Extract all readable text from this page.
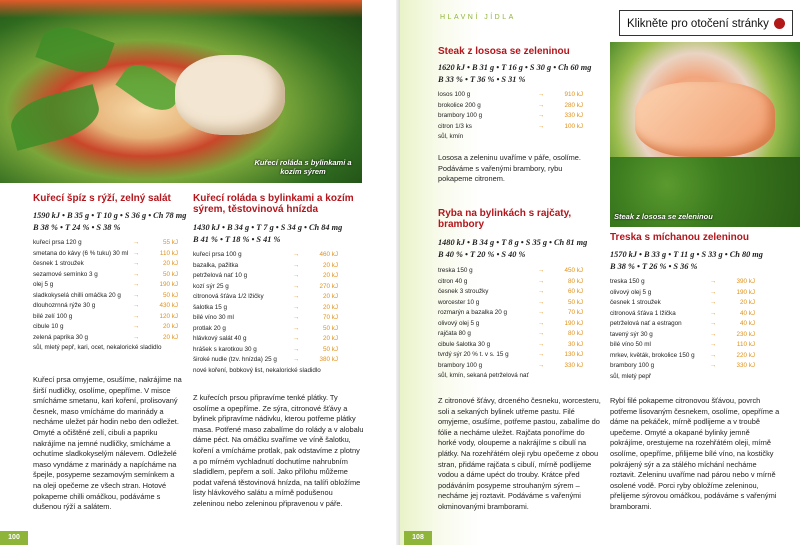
Kuřecí roláda s bylinkami a kozím sýrem
Kuřecí špíz s rýží, zelný salát
1590 kJ • B 35 g • T 10 g • S 36 g • Ch 78 mg
B 38 % • T 24 % • S 38 %
kuřecí prsa 120 g	→	55 kJ
smetana do kávy (6 % tuku) 30 ml →	110 kJ
česnek 1 stroužek	→	20 kJ
sezamové semínko 3 g	→	50 kJ
olej 5 g	→	190 kJ
sladkokyselá chilli omáčka 20 g →	50 kJ
dlouhozrnná rýže 30 g	→	430 kJ
bílé zelí 100 g	→	120 kJ
cibule 10 g	→	20 kJ
zelená paprika 30 g	→	20 kJ
sůl, mletý pepř, kari, ocet, nekalorické sladidlo
Kuřecí prsa omyjeme, osušíme, nakrájíme na širší nudličky, osolíme, opepříme. V misce smícháme smetanu, kari koření, prolisovaný česnek, maso vmícháme do marinády a necháme uležet pár hodin nebo den odležet. Omyté a očištěné zelí, cibuli a papriku nakrájíme na jemné nudličky, smícháme a ochutíme sladkokyselým nálevem. Odleželé maso vyndáme z marinády a napícháme na špejle, posypeme sezamovým semínkem a na oleji opečeme ze všech stran. Hotové pokapeme chilli omáčkou, podáváme s dušenou rýží a salátem.
Kuřecí roláda s bylinkami a kozím sýrem, těstovinová hnízda
1430 kJ • B 34 g • T 7 g • S 34 g • Ch 84 mg
B 41 % • T 18 % • S 41 %
kuřecí prsa 100 g	→	460 kJ
bazalka, pažitka	→	20 kJ
petrželová nať 10 g	→	20 kJ
kozí sýr 25 g	→	270 kJ
citronová šťáva 1/2 lžičky	→	20 kJ
šalotka 15 g	→	20 kJ
bílé víno 30 ml	→	70 kJ
protlak 20 g	→	50 kJ
hlávkový salát 40 g	→	20 kJ
hrášek s karotkou 30 g	→	50 kJ
široké nudle (tzv. hnízda) 25 g	→	380 kJ
nové koření, bobkový list, nekalorické sladidlo
Z kuřecích prsou připravíme tenké plátky. Ty osolíme a opepříme. Ze sýra, citronové šťávy a bylinek připravíme nádivku, kterou potřeme plátky masa. Potřené maso zabalíme do rolády a v alobalu dáme péct. Na omáčku svaříme ve víně šalotku, koření a vmícháme protlak, pak odstavíme z plotny a po mírném vychladnutí dochutíme nahrubním sladidlem, pepřem a solí. Jako přílohu můžeme podat vařená těstovinová hnízda, na talíři obložíme listy hlávkového salátu a mírně podušenou zeleninou nebo zeleninou připravenou v páře.
100
Steak z lososa se zeleninou
Steak z lososa se zeleninou
1620 kJ • B 31 g • T 16 g • S 30 g • Ch 60 mg
B 33 % • T 36 % • S 31 %
losos 100 g	→	910 kJ
brokolice 200 g	→	280 kJ
brambory 100 g	→	330 kJ
citron 1/3 ks	→	100 kJ
sůl, kmín
Lososa a zeleninu uvaříme v páře, osolíme. Podáváme s vařenými brambory, rybu pokapeme citronem.
Ryba na bylinkách s rajčaty, brambory
1480 kJ • B 34 g • T 8 g • S 35 g • Ch 81 mg
B 40 % • T 20 % • S 40 %
treska 150 g	→	450 kJ
citron 40 g	→	80 kJ
česnek 3 stroužky	→	60 kJ
worcester 10 g	→	50 kJ
rozmarýn a bazalka 20 g	→	70 kJ
olivový olej 5 g	→	190 kJ
rajčata 80 g	→	80 kJ
cibule šalotka 30 g	→	30 kJ
tvrdý sýr 20 % t. v s. 15 g	→	130 kJ
brambory 100 g	→	330 kJ
sůl, kmín, sekaná petrželová nať
Z citronové šťávy, drceného česneku, worcesteru, soli a sekaných bylinek utřeme pastu. Filé omyjeme, osušíme, potřeme pastou, zabalíme do fólie a necháme uležet. Rajčata ponoříme do horké vody, oloupeme a nakrájíme s cibulí na plátky. Na rozehřátém oleji rybu opečeme z obou stran, přidáme rajčata s cibulí, mírně podlijeme vodou a dáme upéct do trouby. Krátce před podáváním posypeme strouhaným sýrem – necháme jej roztavit. Podáváme s vařenými okminovanými bramborami.
Treska s míchanou zeleninou
1570 kJ • B 33 g • T 11 g • S 33 g • Ch 80 mg
B 38 % • T 26 % • S 36 %
treska 150 g	→	390 kJ
olivový olej 5 g	→	190 kJ
česnek 1 stroužek	→	20 kJ
citronová šťáva 1 lžička	→	40 kJ
petrželová nať a estragon	→	40 kJ
tavený sýr 30 g	→	230 kJ
bílé víno 50 ml	→	110 kJ
mrkev, květák, brokolice 150 g →	220 kJ
brambory 100 g	→	330 kJ
sůl, mletý pepř
Rybí filé pokapeme citronovou šťávou, povrch potřeme lisovaným česnekem, osolíme, opepříme a dáme na pekáček, mírně podlijeme a v troubě upečeme. Omyté a okapané bylinky jemně pokrájíme, orestujeme na rozehřátém oleji, mírně osolíme, opepříme, přilijeme bílé víno, na kostičky pokrájený sýr a za stálého míchání necháme roztavit. Zeleninu uvaříme nad párou nebo v mírně osolené vodě. Porci ryby obložíme zeleninou, přelijeme sýrovou omáčkou, podáváme s vařenými bramborami.
108
HLAVNÍ JÍDLA
Klikněte pro otočení stránky
